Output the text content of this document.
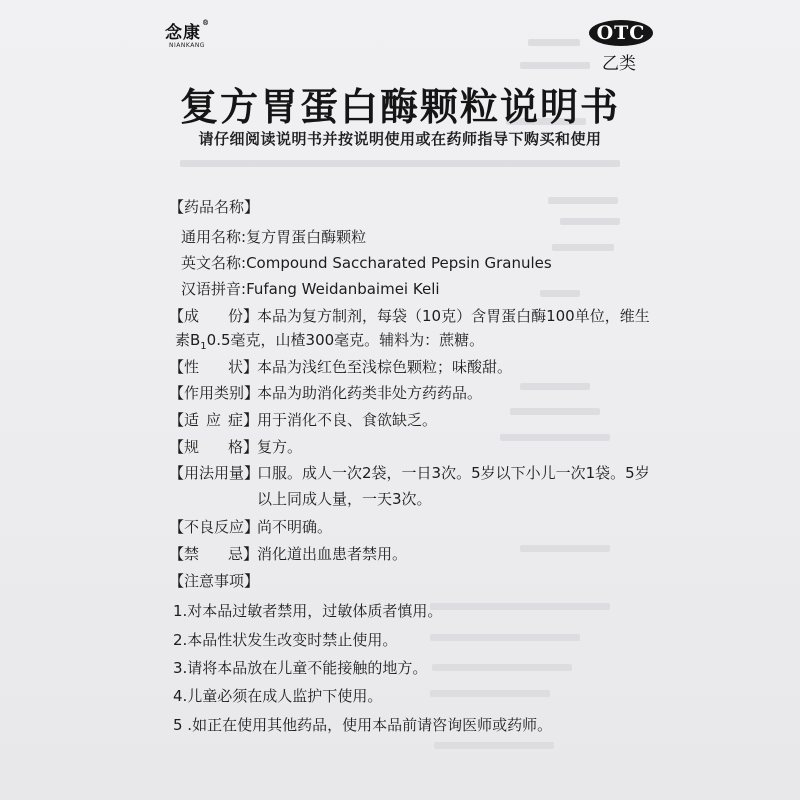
念康®
NIANKANG
OTC
乙类
复方胃蛋白酶颗粒说明书
请仔细阅读说明书并按说明使用或在药师指导下购买和使用
【药品名称】
通用名称:复方胃蛋白酶颗粒
英文名称:Compound Saccharated Pepsin Granules
汉语拼音:Fufang Weidanbaimei Keli
【成 份】
本品为复方制剂，每袋（10克）含胃蛋白酶100单位，维生
素$B_10.5$毫克，山楂300毫克。辅料为：蔗糖。
【性 状】
本品为浅红色至浅棕色颗粒；味酸甜。
【作用类别】
本品为助消化药类非处方药药品。
【适 应 症】
用于消化不良、食欲缺乏。
【规 格】
复方。
【用法用量】
口服。成人一次2袋，一日3次。5岁以下小儿一次1袋。5岁
以上同成人量，一天3次。
【不良反应】
尚不明确。
【禁 忌】
消化道出血患者禁用。
【注意事项】
1.对本品过敏者禁用，过敏体质者慎用。
2.本品性状发生改变时禁止使用。
3.请将本品放在儿童不能接触的地方。
4.儿童必须在成人监护下使用。
5 .如正在使用其他药品，使用本品前请咨询医师或药师。
